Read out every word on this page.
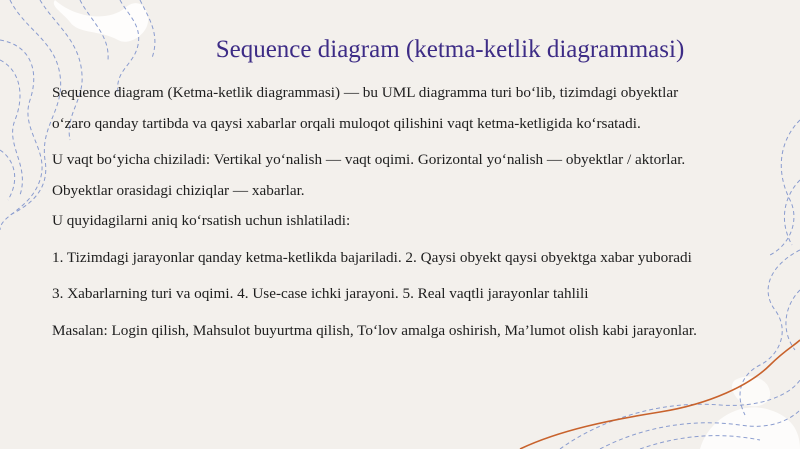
Sequence diagram (ketma-ketlik diagrammasi)

Sequence diagram (Ketma-ketlik diagrammasi) — bu UML diagramma turi bo‘lib, tizimdagi obyektlar o‘zaro qanday tartibda va qaysi xabarlar orqali muloqot qilishini vaqt ketma-ketligida ko‘rsatadi.

U vaqt bo‘yicha chiziladi: Vertikal yo‘nalish — vaqt oqimi. Gorizontal yo‘nalish — obyektlar / aktorlar. Obyektlar orasidagi chiziqlar — xabarlar.

U quyidagilarni aniq ko‘rsatish uchun ishlatiladi:

1. Tizimdagi jarayonlar qanday ketma-ketlikda bajariladi. 2. Qaysi obyekt qaysi obyektga xabar yuboradi

3. Xabarlarning turi va oqimi. 4. Use-case ichki jarayoni. 5. Real vaqtli jarayonlar tahlili

Masalan: Login qilish, Mahsulot buyurtma qilish, To‘lov amalga oshirish, Ma’lumot olish kabi jarayonlar.
